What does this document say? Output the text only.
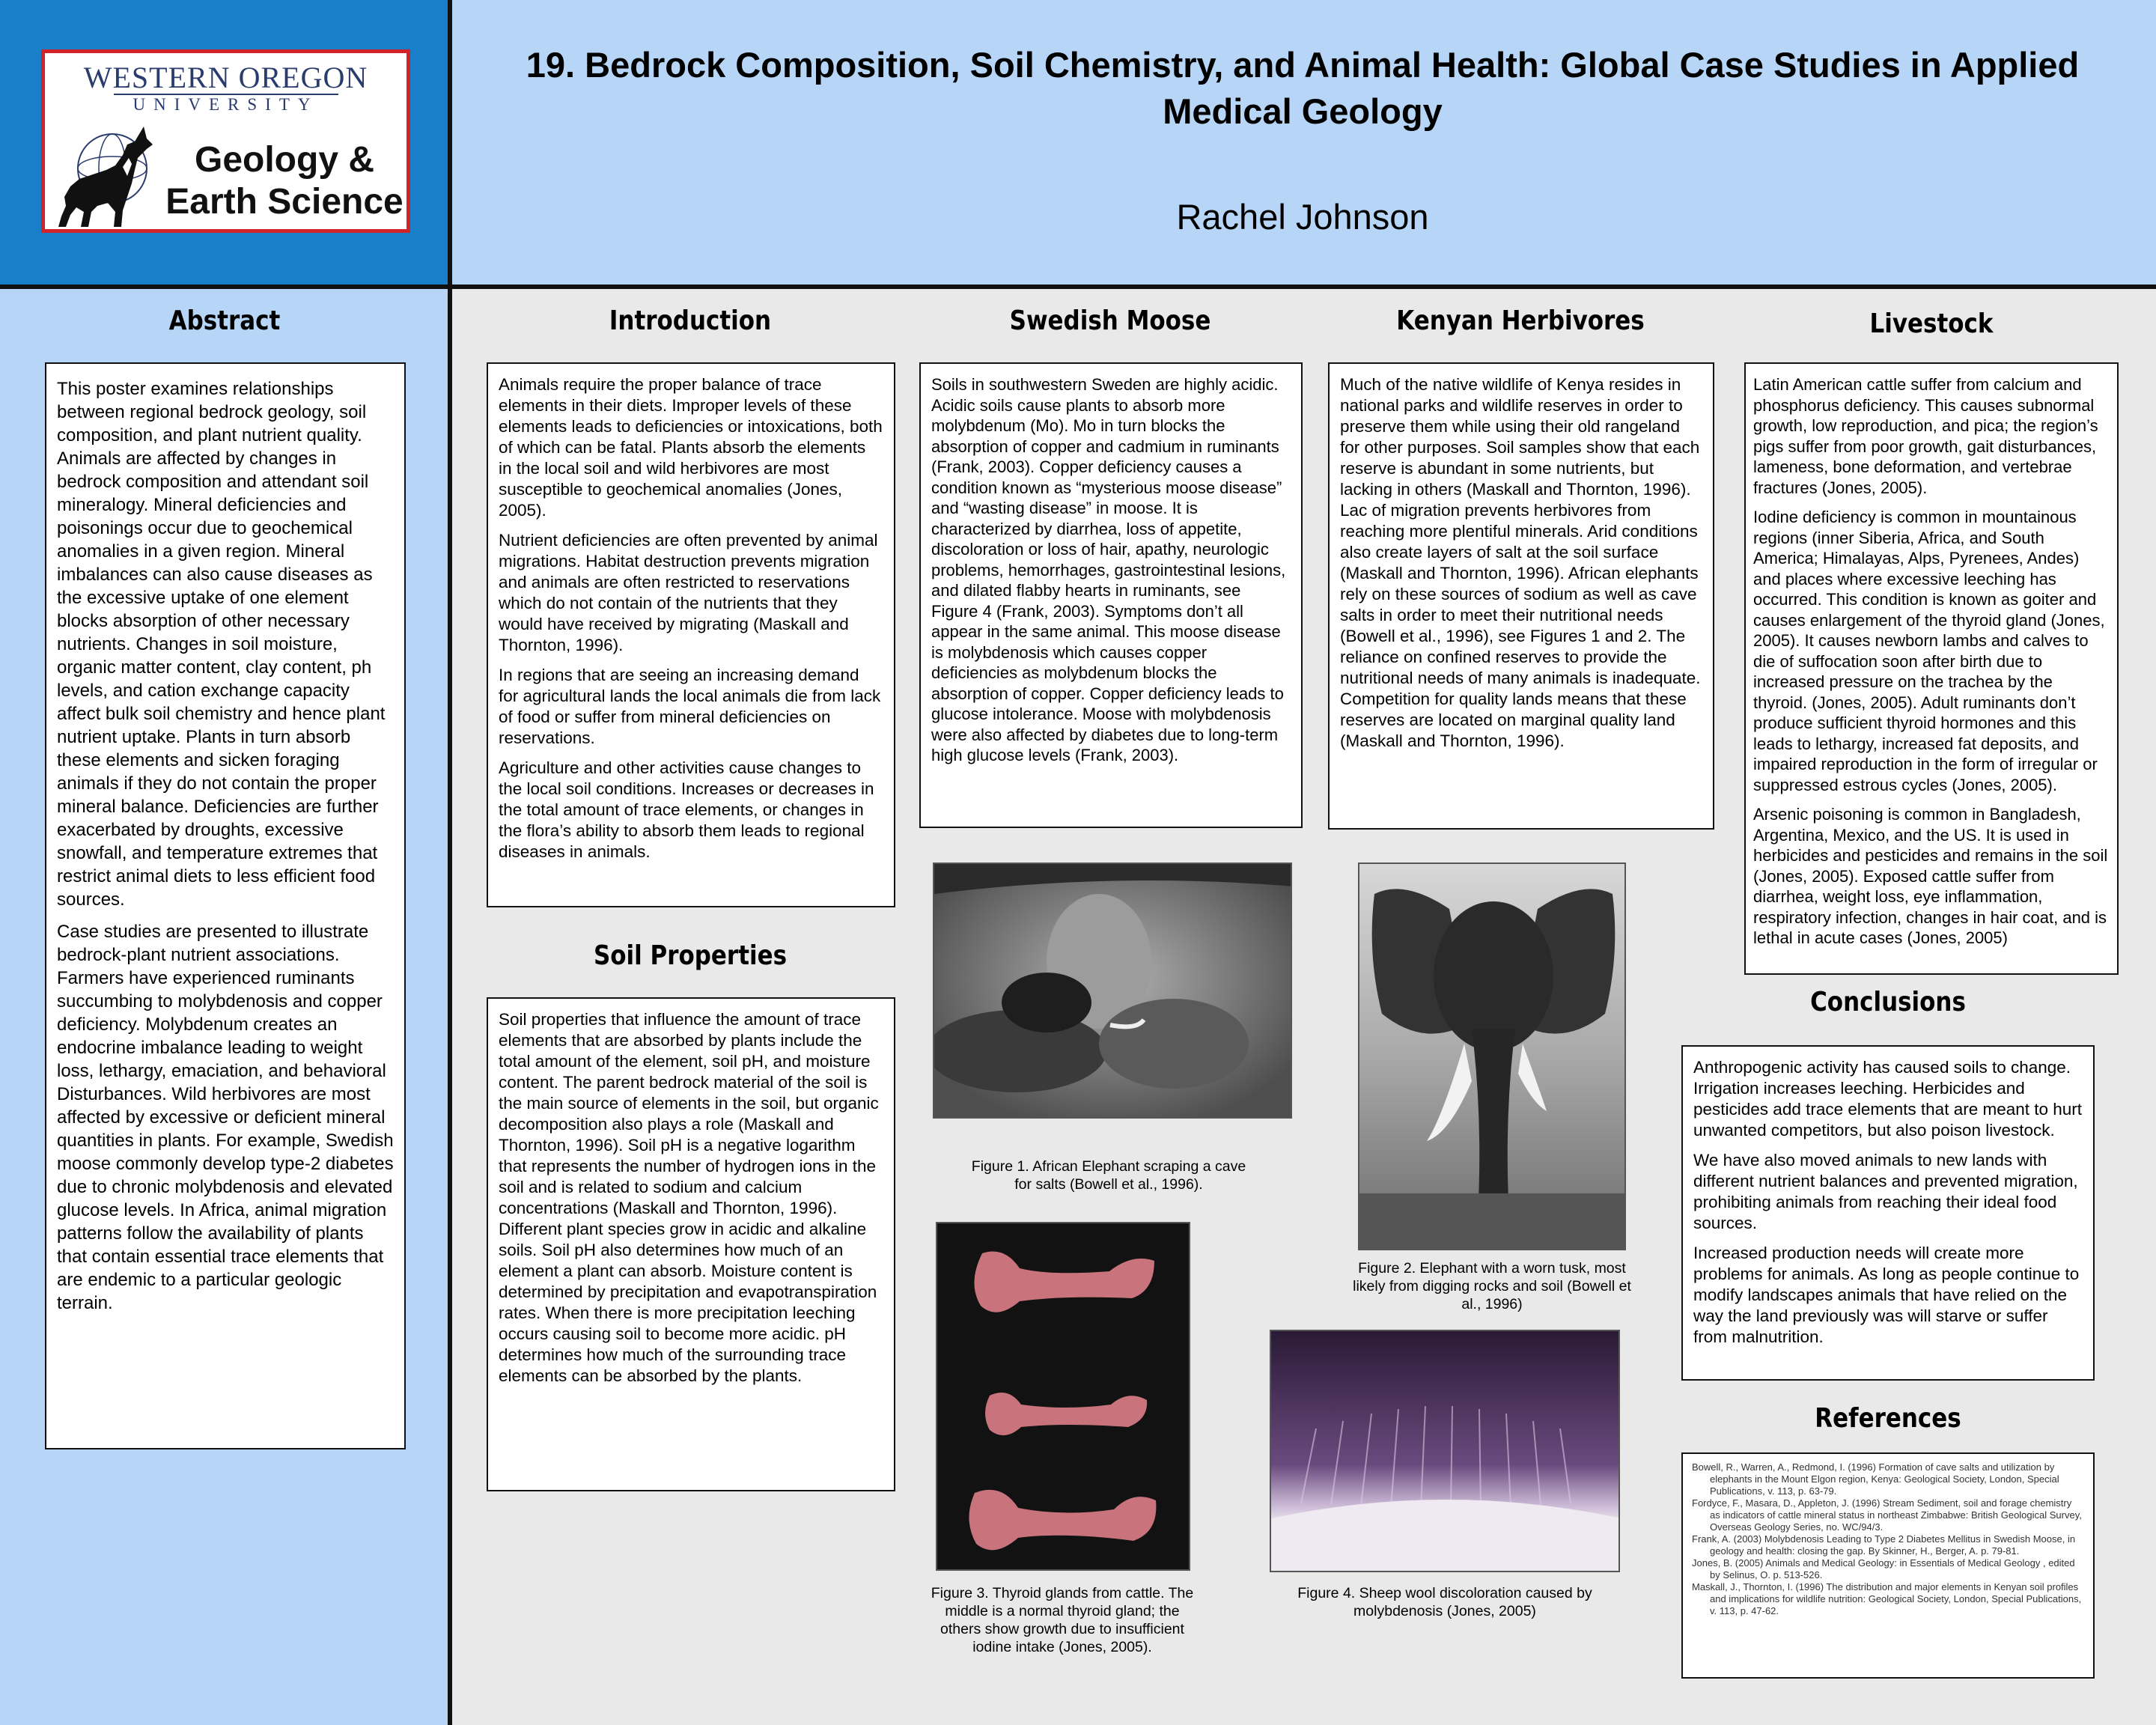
WESTERN OREGON
UNIVERSITY
Geology &
Earth Science
19. Bedrock Composition, Soil Chemistry, and Animal Health: Global Case Studies in Applied Medical Geology
Rachel Johnson
Abstract

This poster examines relationships between regional bedrock geology, soil composition, and plant nutrient quality. Animals are affected by changes in bedrock composition and attendant soil mineralogy. Mineral deficiencies and poisonings occur due to geochemical anomalies in a given region. Mineral imbalances can also cause diseases as the excessive uptake of one element blocks absorption of other necessary nutrients. Changes in soil moisture, organic matter content, clay content, ph levels, and cation exchange capacity affect bulk soil chemistry and hence plant nutrient uptake. Plants in turn absorb these elements and sicken foraging animals if they do not contain the proper mineral balance. Deficiencies are further exacerbated by droughts, excessive snowfall, and temperature extremes that restrict animal diets to less efficient food sources.

Case studies are presented to illustrate bedrock-plant nutrient associations. Farmers have experienced ruminants succumbing to molybdenosis and copper deficiency. Molybdenum creates an endocrine imbalance leading to weight loss, lethargy, emaciation, and behavioral Disturbances. Wild herbivores are most affected by excessive or deficient mineral quantities in plants. For example, Swedish moose commonly develop type-2 diabetes due to chronic molybdenosis and elevated glucose levels. In Africa, animal migration patterns follow the availability of plants that contain essential trace elements that are endemic to a particular geologic terrain.

Introduction

Animals require the proper balance of trace elements in their diets. Improper levels of these elements leads to deficiencies or intoxications, both of which can be fatal. Plants absorb the elements in the local soil and wild herbivores are most susceptible to geochemical anomalies (Jones, 2005).

Nutrient deficiencies are often prevented by animal migrations. Habitat destruction prevents migration and animals are often restricted to reservations which do not contain of the nutrients that they would have received by migrating (Maskall and Thornton, 1996).

In regions that are seeing an increasing demand for agricultural lands the local animals die from lack of food or suffer from mineral deficiencies on reservations.

Agriculture and other activities cause changes to the local soil conditions. Increases or decreases in the total amount of trace elements, or changes in the flora’s ability to absorb them leads to regional diseases in animals.

Soil Properties

Soil properties that influence the amount of trace elements that are absorbed by plants include the total amount of the element, soil pH, and moisture content. The parent bedrock material of the soil is the main source of elements in the soil, but organic decomposition also plays a role (Maskall and Thornton, 1996). Soil pH is a negative logarithm that represents the number of hydrogen ions in the soil and is related to sodium and calcium concentrations (Maskall and Thornton, 1996). Different plant species grow in acidic and alkaline soils. Soil pH also determines how much of an element a plant can absorb. Moisture content is determined by precipitation and evapotranspiration rates. When there is more precipitation leeching occurs causing soil to become more acidic. pH determines how much of the surrounding trace elements can be absorbed by the plants.

Swedish Moose

Soils in southwestern Sweden are highly acidic. Acidic soils cause plants to absorb more molybdenum (Mo). Mo in turn blocks the absorption of copper and cadmium in ruminants (Frank, 2003). Copper deficiency causes a condition known as “mysterious moose disease” and “wasting disease” in moose. It is characterized by diarrhea, loss of appetite, discoloration or loss of hair, apathy, neurologic problems, hemorrhages, gastrointestinal lesions, and dilated flabby hearts in ruminants, see Figure 4 (Frank, 2003). Symptoms don’t all appear in the same animal. This moose disease is molybdenosis which causes copper deficiencies as molybdenum blocks the absorption of copper. Copper deficiency leads to glucose intolerance. Moose with molybdenosis were also affected by diabetes due to long-term high glucose levels (Frank, 2003).

Kenyan Herbivores

Much of the native wildlife of Kenya resides in national parks and wildlife reserves in order to preserve them while using their old rangeland for other purposes. Soil samples show that each reserve is abundant in some nutrients, but lacking in others (Maskall and Thornton, 1996). Lac of migration prevents herbivores from reaching more plentiful minerals. Arid conditions also create layers of salt at the soil surface (Maskall and Thornton, 1996). African elephants rely on these sources of sodium as well as cave salts in order to meet their nutritional needs (Bowell et al., 1996), see Figures 1 and 2. The reliance on confined reserves to provide the nutritional needs of many animals is inadequate. Competition for quality lands means that these reserves are located on marginal quality land (Maskall and Thornton, 1996).

Livestock

Latin American cattle suffer from calcium and phosphorus deficiency. This causes subnormal growth, low reproduction, and pica; the region’s pigs suffer from poor growth, gait disturbances, lameness, bone deformation, and vertebrae fractures (Jones, 2005).

Iodine deficiency is common in mountainous regions (inner Siberia, Africa, and South America; Himalayas, Alps, Pyrenees, Andes) and places where excessive leeching has occurred. This condition is known as goiter and causes enlargement of the thyroid gland (Jones, 2005). It causes newborn lambs and calves to die of suffocation soon after birth due to increased pressure on the trachea by the thyroid. (Jones, 2005). Adult ruminants don’t produce sufficient thyroid hormones and this leads to lethargy, increased fat deposits, and impaired reproduction in the form of irregular or suppressed estrous cycles (Jones, 2005).

Arsenic poisoning is common in Bangladesh, Argentina, Mexico, and the US. It is used in herbicides and pesticides and remains in the soil (Jones, 2005). Exposed cattle suffer from diarrhea, weight loss, eye inflammation, respiratory infection, changes in hair coat, and is lethal in acute cases (Jones, 2005)

Conclusions

Anthropogenic activity has caused soils to change. Irrigation increases leeching. Herbicides and pesticides add trace elements that are meant to hurt unwanted competitors, but also poison livestock.

We have also moved animals to new lands with different nutrient balances and prevented migration, prohibiting animals from reaching their ideal food sources.

Increased production needs will create more problems for animals. As long as people continue to modify landscapes animals that have relied on the way the land previously was will starve or suffer from malnutrition.

References

Bowell, R., Warren, A., Redmond, I. (1996) Formation of cave salts and utilization by elephants in the Mount Elgon region, Kenya: Geological Society, London, Special Publications, v. 113, p. 63-79.

Fordyce, F., Masara, D., Appleton, J. (1996) Stream Sediment, soil and forage chemistry as indicators of cattle mineral status in northeast Zimbabwe: British Geological Survey, Overseas Geology Series, no. WC/94/3.

Frank, A. (2003) Molybdenosis Leading to Type 2 Diabetes Mellitus in Swedish Moose, in geology and health: closing the gap. By Skinner, H., Berger, A. p. 79-81.

Jones, B. (2005) Animals and Medical Geology: in Essentials of Medical Geology , edited by Selinus, O. p. 513-526.

Maskall, J., Thornton, I. (1996) The distribution and major elements in Kenyan soil profiles and implications for wildlife nutrition: Geological Society, London, Special Publications, v. 113, p. 47-62.

Figure 1. African Elephant scraping a cave for salts (Bowell et al., 1996).
Figure 2. Elephant with a worn tusk, most likely from digging rocks and soil (Bowell et al., 1996)
Figure 3. Thyroid glands from cattle. The middle is a normal thyroid gland; the others show growth due to insufficient iodine intake (Jones, 2005).
Figure 4. Sheep wool discoloration caused by molybdenosis (Jones, 2005)
